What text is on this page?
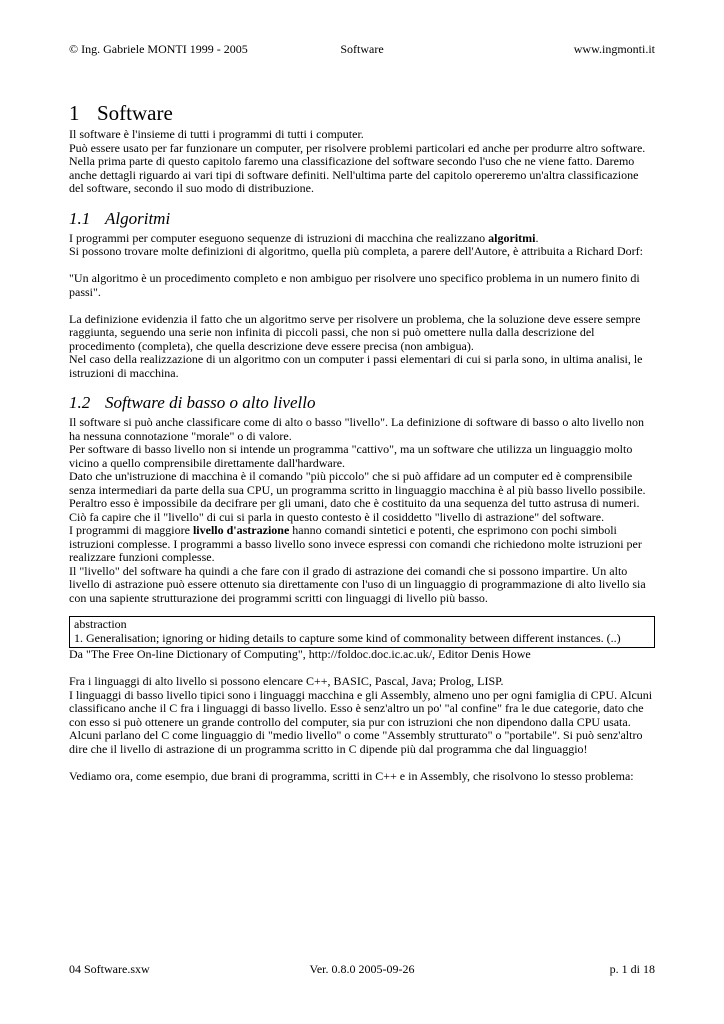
© Ing. Gabriele MONTI 1999 - 2005	Software	www.ingmonti.it
1 Software

Il software è l'insieme di tutti i programmi di tutti i computer.

Può essere usato per far funzionare un computer, per risolvere problemi particolari ed anche per produrre altro software.

Nella prima parte di questo capitolo faremo una classificazione del software secondo l'uso che ne viene fatto. Daremo anche dettagli riguardo ai vari tipi di software definiti. Nell'ultima parte del capitolo opereremo un'altra classificazione del software, secondo il suo modo di distribuzione.

1.1 Algoritmi

I programmi per computer eseguono sequenze di istruzioni di macchina che realizzano algoritmi.

Si possono trovare molte definizioni di algoritmo, quella più completa, a parere dell'Autore, è attribuita a Richard Dorf:

"Un algoritmo è un procedimento completo e non ambiguo per risolvere uno specifico problema in un numero finito di passi".

La definizione evidenzia il fatto che un algoritmo serve per risolvere un problema, che la soluzione deve essere sempre raggiunta, seguendo una serie non infinita di piccoli passi, che non si può omettere nulla dalla descrizione del procedimento (completa), che quella descrizione deve essere precisa (non ambigua).

Nel caso della realizzazione di un algoritmo con un computer i passi elementari di cui si parla sono, in ultima analisi, le istruzioni di macchina.

1.2 Software di basso o alto livello

Il software si può anche classificare come di alto o basso "livello". La definizione di software di basso o alto livello non ha nessuna connotazione "morale" o di valore.

Per software di basso livello non si intende un programma "cattivo", ma un software che utilizza un linguaggio molto vicino a quello comprensibile direttamente dall'hardware.

Dato che un'istruzione di macchina è il comando "più piccolo" che si può affidare ad un computer ed è comprensibile senza intermediari da parte della sua CPU, un programma scritto in linguaggio macchina è al più basso livello possibile. Peraltro esso è impossibile da decifrare per gli umani, dato che è costituito da una sequenza del tutto astrusa di numeri. Ciò fa capire che il "livello" di cui si parla in questo contesto è il cosiddetto "livello di astrazione" del software.

I programmi di maggiore livello d'astrazione hanno comandi sintetici e potenti, che esprimono con pochi simboli istruzioni complesse. I programmi a basso livello sono invece espressi con comandi che richiedono molte istruzioni per realizzare funzioni complesse.

Il "livello" del software ha quindi a che fare con il grado di astrazione dei comandi che si possono impartire. Un alto livello di astrazione può essere ottenuto sia direttamente con l'uso di un linguaggio di programmazione di alto livello sia con una sapiente strutturazione dei programmi scritti con linguaggi di livello più basso.

abstraction
1. Generalisation; ignoring or hiding details to capture some kind of commonality between different instances. (..)

Da "The Free On-line Dictionary of Computing", http://foldoc.doc.ic.ac.uk/, Editor Denis Howe

Fra i linguaggi di alto livello si possono elencare C++, BASIC, Pascal, Java; Prolog, LISP.

I linguaggi di basso livello tipici sono i linguaggi macchina e gli Assembly, almeno uno per ogni famiglia di CPU. Alcuni classificano anche il C fra i linguaggi di basso livello. Esso è senz'altro un po' "al confine" fra le due categorie, dato che con esso si può ottenere un grande controllo del computer, sia pur con istruzioni che non dipendono dalla CPU usata. Alcuni parlano del C come linguaggio di "medio livello" o come "Assembly strutturato" o "portabile". Si può senz'altro dire che il livello di astrazione di un programma scritto in C dipende più dal programma che dal linguaggio!

Vediamo ora, come esempio, due brani di programma, scritti in C++ e in Assembly, che risolvono lo stesso problema:

04 Software.sxw	Ver. 0.8.0 2005-09-26	p. 1 di 18
